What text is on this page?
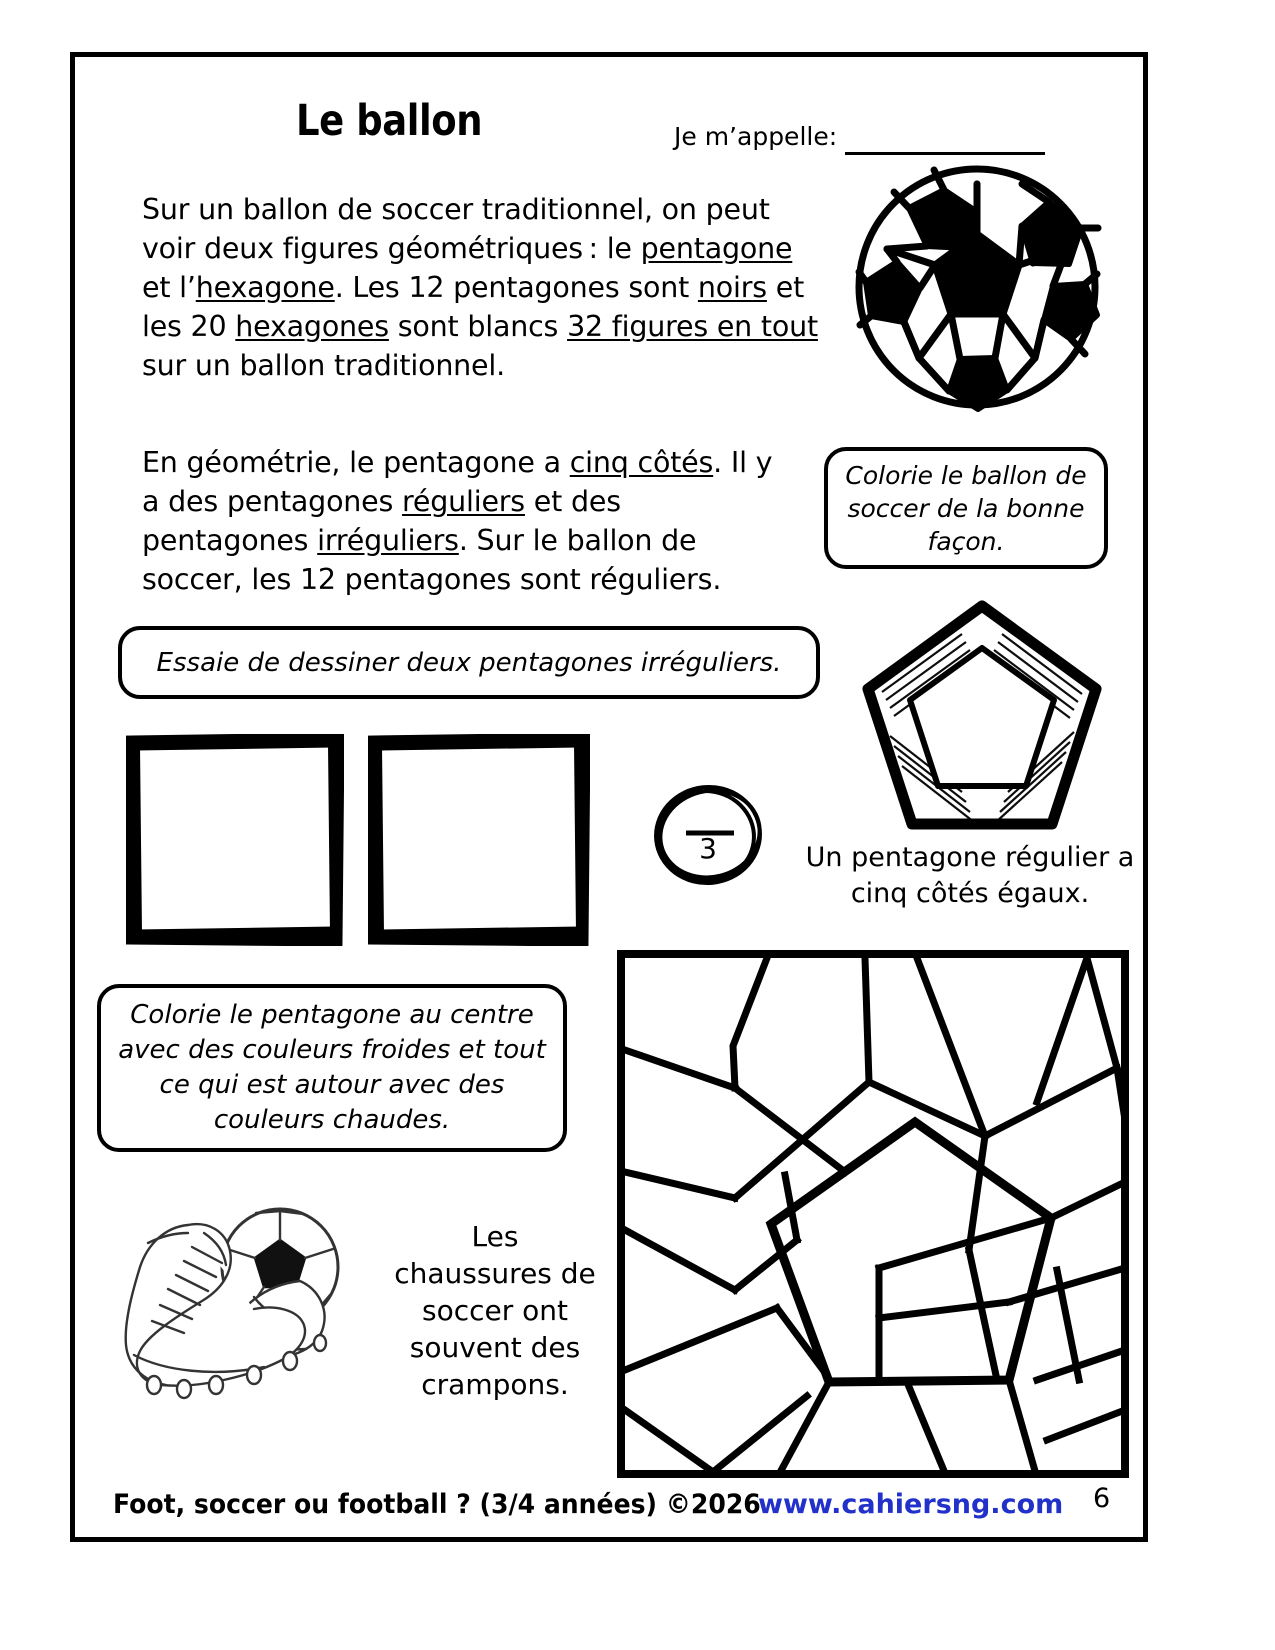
Le ballon	Je m’appelle:
Sur un ballon de soccer traditionnel, on peut voir deux figures géométriques : le pentagone et l’hexagone. Les 12 pentagones sont noirs et les 20 hexagones sont blancs 32 figures en tout sur un ballon traditionnel.
En géométrie, le pentagone a cinq côtés. Il y a des pentagones réguliers et des pentagones irréguliers. Sur le ballon de soccer, les 12 pentagones sont réguliers.
Colorie le ballon de soccer de la bonne façon.
Essaie de dessiner deux pentagones irréguliers.
3	Un pentagone régulier a cinq côtés égaux.
Colorie le pentagone au centre avec des couleurs froides et tout ce qui est autour avec des couleurs chaudes.
Les chaussures de soccer ont souvent des crampons.
Foot, soccer ou football ? (3/4 années) ©2026
www.cahiersng.com 6
